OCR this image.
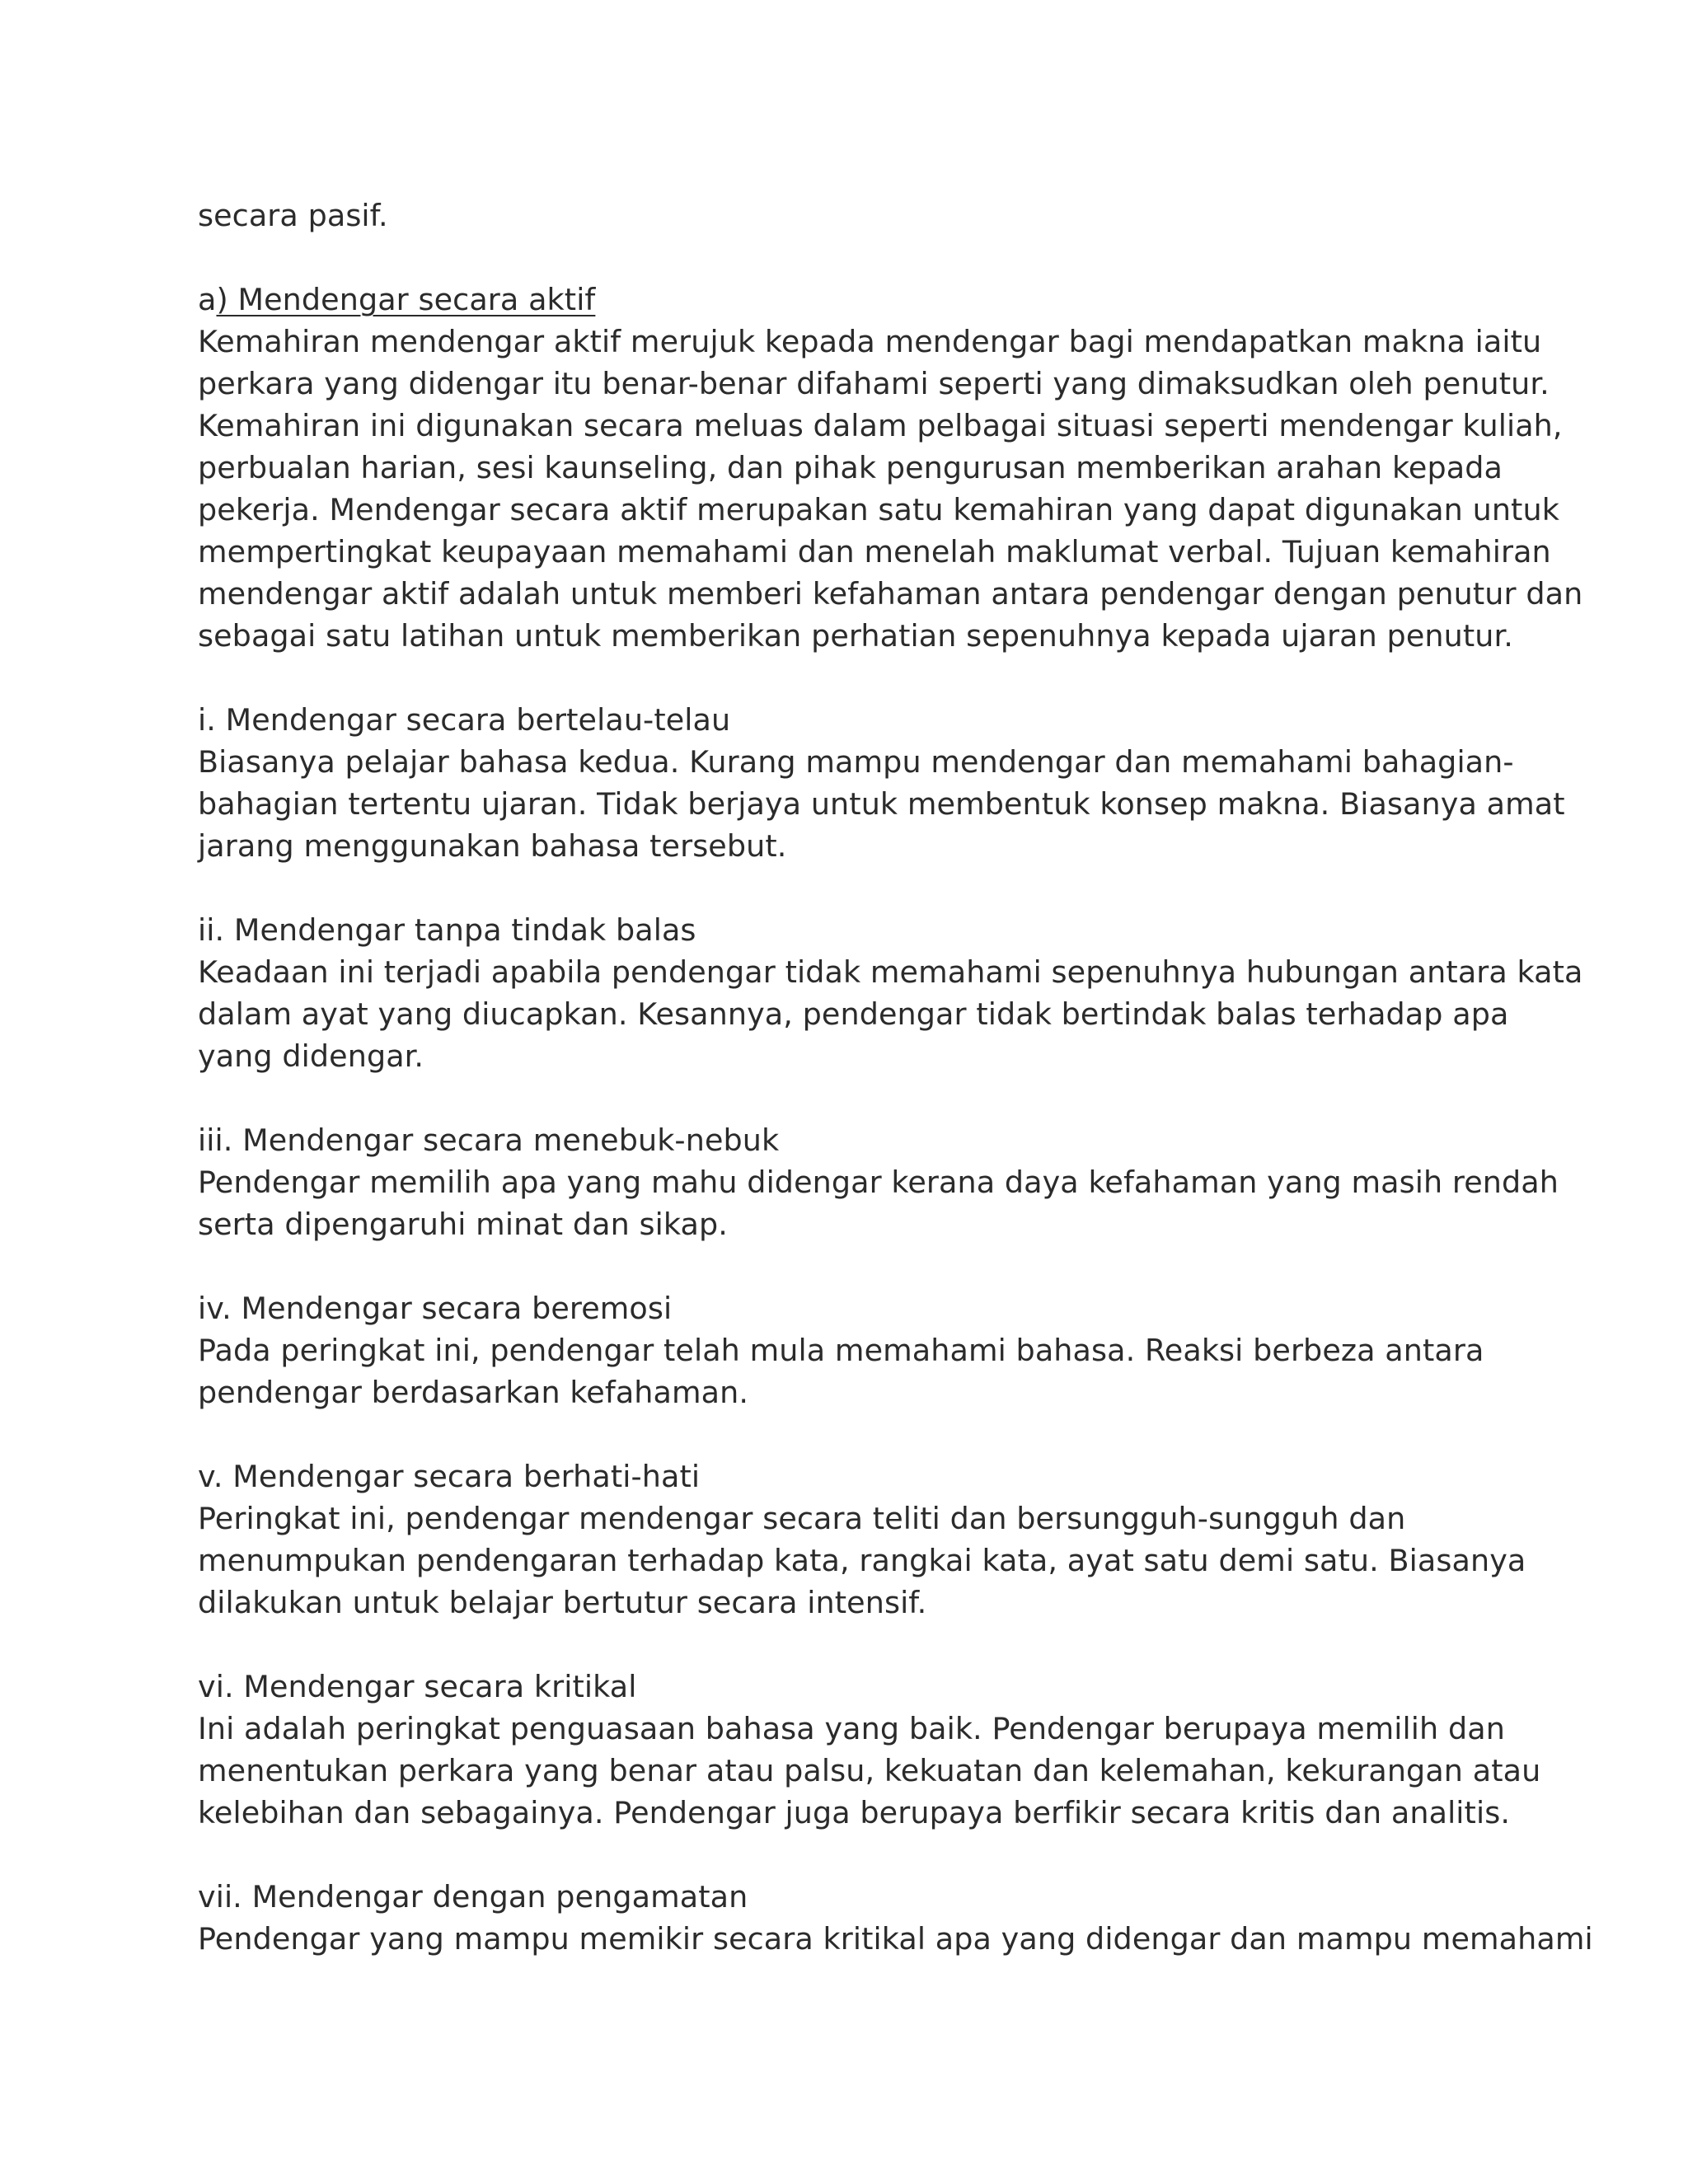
secara pasif.
a) Mendengar secara aktif
Kemahiran mendengar aktif merujuk kepada mendengar bagi mendapatkan makna iaitu
perkara yang didengar itu benar-benar difahami seperti yang dimaksudkan oleh penutur.
Kemahiran ini digunakan secara meluas dalam pelbagai situasi seperti mendengar kuliah,
perbualan harian, sesi kaunseling, dan pihak pengurusan memberikan arahan kepada
pekerja. Mendengar secara aktif merupakan satu kemahiran yang dapat digunakan untuk
mempertingkat keupayaan memahami dan menelah maklumat verbal. Tujuan kemahiran
mendengar aktif adalah untuk memberi kefahaman antara pendengar dengan penutur dan
sebagai satu latihan untuk memberikan perhatian sepenuhnya kepada ujaran penutur.
i. Mendengar secara bertelau-telau
Biasanya pelajar bahasa kedua. Kurang mampu mendengar dan memahami bahagian-
bahagian tertentu ujaran. Tidak berjaya untuk membentuk konsep makna. Biasanya amat
jarang menggunakan bahasa tersebut.
ii. Mendengar tanpa tindak balas
Keadaan ini terjadi apabila pendengar tidak memahami sepenuhnya hubungan antara kata
dalam ayat yang diucapkan. Kesannya, pendengar tidak bertindak balas terhadap apa
yang didengar.
iii. Mendengar secara menebuk-nebuk
Pendengar memilih apa yang mahu didengar kerana daya kefahaman yang masih rendah
serta dipengaruhi minat dan sikap.
iv. Mendengar secara beremosi
Pada peringkat ini, pendengar telah mula memahami bahasa. Reaksi berbeza antara
pendengar berdasarkan kefahaman.
v. Mendengar secara berhati-hati
Peringkat ini, pendengar mendengar secara teliti dan bersungguh-sungguh dan
menumpukan pendengaran terhadap kata, rangkai kata, ayat satu demi satu. Biasanya
dilakukan untuk belajar bertutur secara intensif.
vi. Mendengar secara kritikal
Ini adalah peringkat penguasaan bahasa yang baik. Pendengar berupaya memilih dan
menentukan perkara yang benar atau palsu, kekuatan dan kelemahan, kekurangan atau
kelebihan dan sebagainya. Pendengar juga berupaya berfikir secara kritis dan analitis.
vii. Mendengar dengan pengamatan
Pendengar yang mampu memikir secara kritikal apa yang didengar dan mampu memahami
